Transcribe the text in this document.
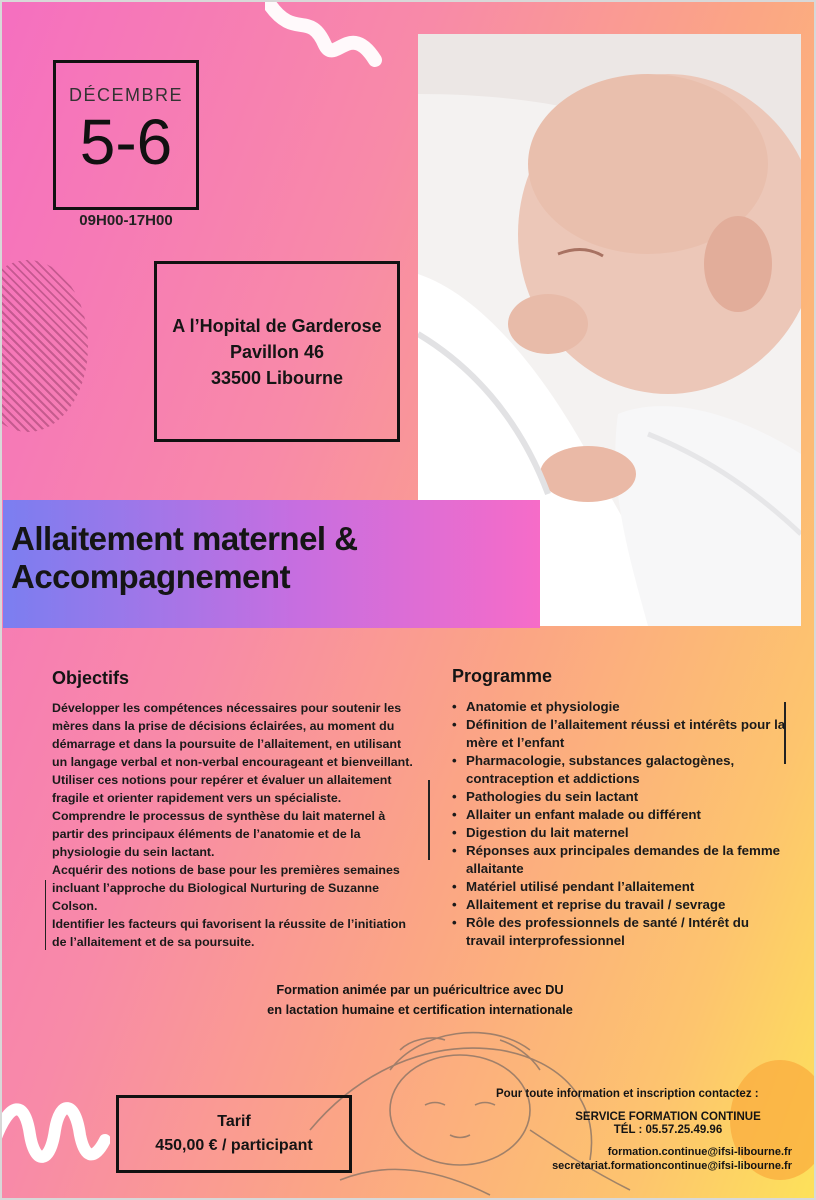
DÉCEMBRE
5-6
09H00-17H00
A l’Hopital de Garderose
Pavillon 46
33500 Libourne
Allaitement maternel &
Accompagnement
Objectifs

Développer les compétences nécessaires pour soutenir les mères dans la prise de décisions éclairées, au moment du démarrage et dans la poursuite de l’allaitement, en utilisant un langage verbal et non-verbal encourageant et bienveillant.

Utiliser ces notions pour repérer et évaluer un allaitement fragile et orienter rapidement vers un spécialiste.

Comprendre le processus de synthèse du lait maternel à partir des principaux éléments de l’anatomie et de la physiologie du sein lactant.

Acquérir des notions de base pour les premières semaines incluant l’approche du Biological Nurturing de Suzanne Colson.

Identifier les facteurs qui favorisent la réussite de l’initiation de l’allaitement et de sa poursuite.

Programme
• Anatomie et physiologie
• Définition de l’allaitement réussi et intérêts pour la mère et l’enfant
• Pharmacologie, substances galactogènes, contraception et addictions
• Pathologies du sein lactant
• Allaiter un enfant malade ou différent
• Digestion du lait maternel
• Réponses aux principales demandes de la femme allaitante
• Matériel utilisé pendant l’allaitement
• Allaitement et reprise du travail / sevrage
• Rôle des professionnels de santé / Intérêt du travail interprofessionnel
Formation animée par un puéricultrice avec DU
en lactation humaine et certification internationale
Tarif
450,00 € / participant
Pour toute information et inscription contactez :
SERVICE FORMATION CONTINUE
TÉL : 05.57.25.49.96
formation.continue@ifsi-libourne.fr
secretariat.formationcontinue@ifsi-libourne.fr
